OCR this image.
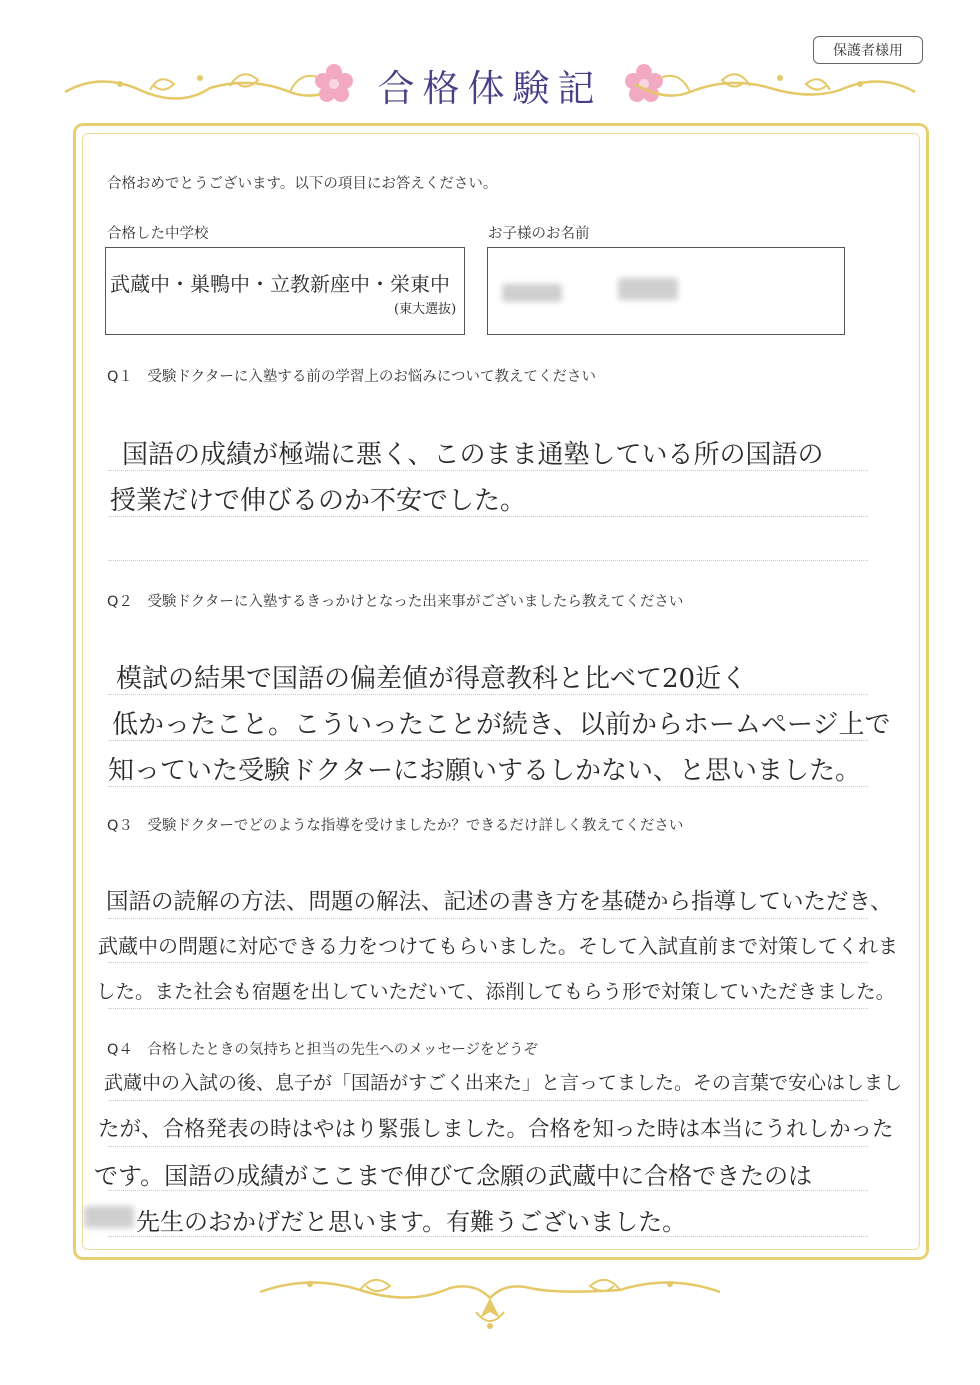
保護者様用
合格体験記
合格おめでとうございます。以下の項目にお答えください。
合格した中学校
武蔵中・巣鴨中・立教新座中・栄東中
(東大選抜)
お子様のお名前
Q１　受験ドクターに入塾する前の学習上のお悩みについて教えてください
国語の成績が極端に悪く、このまま通塾している所の国語の
授業だけで伸びるのか不安でした。
Q２　受験ドクターに入塾するきっかけとなった出来事がございましたら教えてください
模試の結果で国語の偏差値が得意教科と比べて20近く
低かったこと。こういったことが続き、以前からホームページ上で
知っていた受験ドクターにお願いするしかない、と思いました。
Q３　受験ドクターでどのような指導を受けましたか？できるだけ詳しく教えてください
国語の読解の方法、問題の解法、記述の書き方を基礎から指導していただき、
武蔵中の問題に対応できる力をつけてもらいました。そして入試直前まで対策してくれま
した。また社会も宿題を出していただいて、添削してもらう形で対策していただきました。
Q４　合格したときの気持ちと担当の先生へのメッセージをどうぞ
武蔵中の入試の後、息子が「国語がすごく出来た」と言ってました。その言葉で安心はしまし
たが、合格発表の時はやはり緊張しました。合格を知った時は本当にうれしかった
です。国語の成績がここまで伸びて念願の武蔵中に合格できたのは
先生のおかげだと思います。有難うございました。
